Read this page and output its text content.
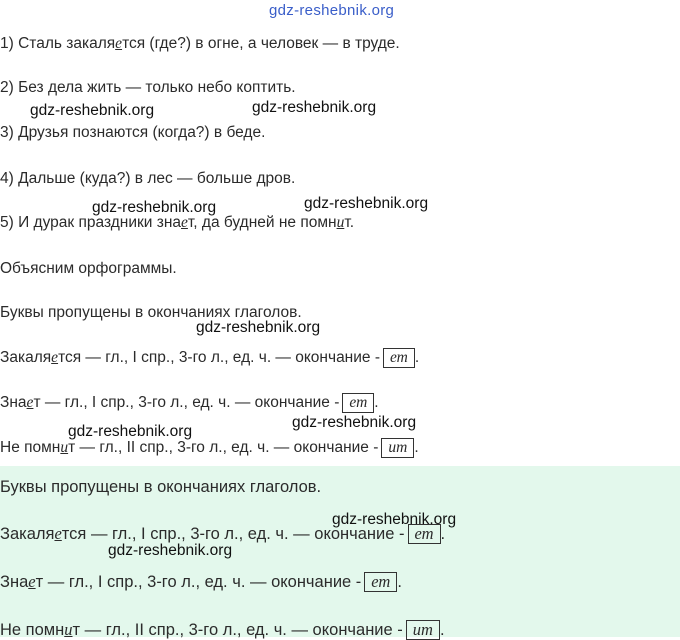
gdz-reshebnik.org
1) Сталь закаляется (где?) в огне, а человек — в труде.
2) Без дела жить — только небо коптить.
3) Друзья познаются (когда?) в беде.
4) Дальше (куда?) в лес — больше дров.
5) И дурак праздники знает, да будней не помнит.
Объясним орфограммы.
Буквы пропущены в окончаниях глаголов.
Закаляется — гл., I спр., 3-го л., ед. ч. — окончание - ет .
Знает — гл., I спр., 3-го л., ед. ч. — окончание - ет .
Не помнит — гл., II спр., 3-го л., ед. ч. — окончание - ит .
Буквы пропущены в окончаниях глаголов.
Закаляется — гл., I спр., 3-го л., ед. ч. — окончание - ет .
Знает — гл., I спр., 3-го л., ед. ч. — окончание - ет .
Не помнит — гл., II спр., 3-го л., ед. ч. — окончание - ит .
gdz-reshebnik.org	gdz-reshebnik.org
gdz-reshebnik.org	gdz-reshebnik.org
gdz-reshebnik.org
gdz-reshebnik.org
gdz-reshebnik.org
gdz-reshebnik.org
gdz-reshebnik.org
